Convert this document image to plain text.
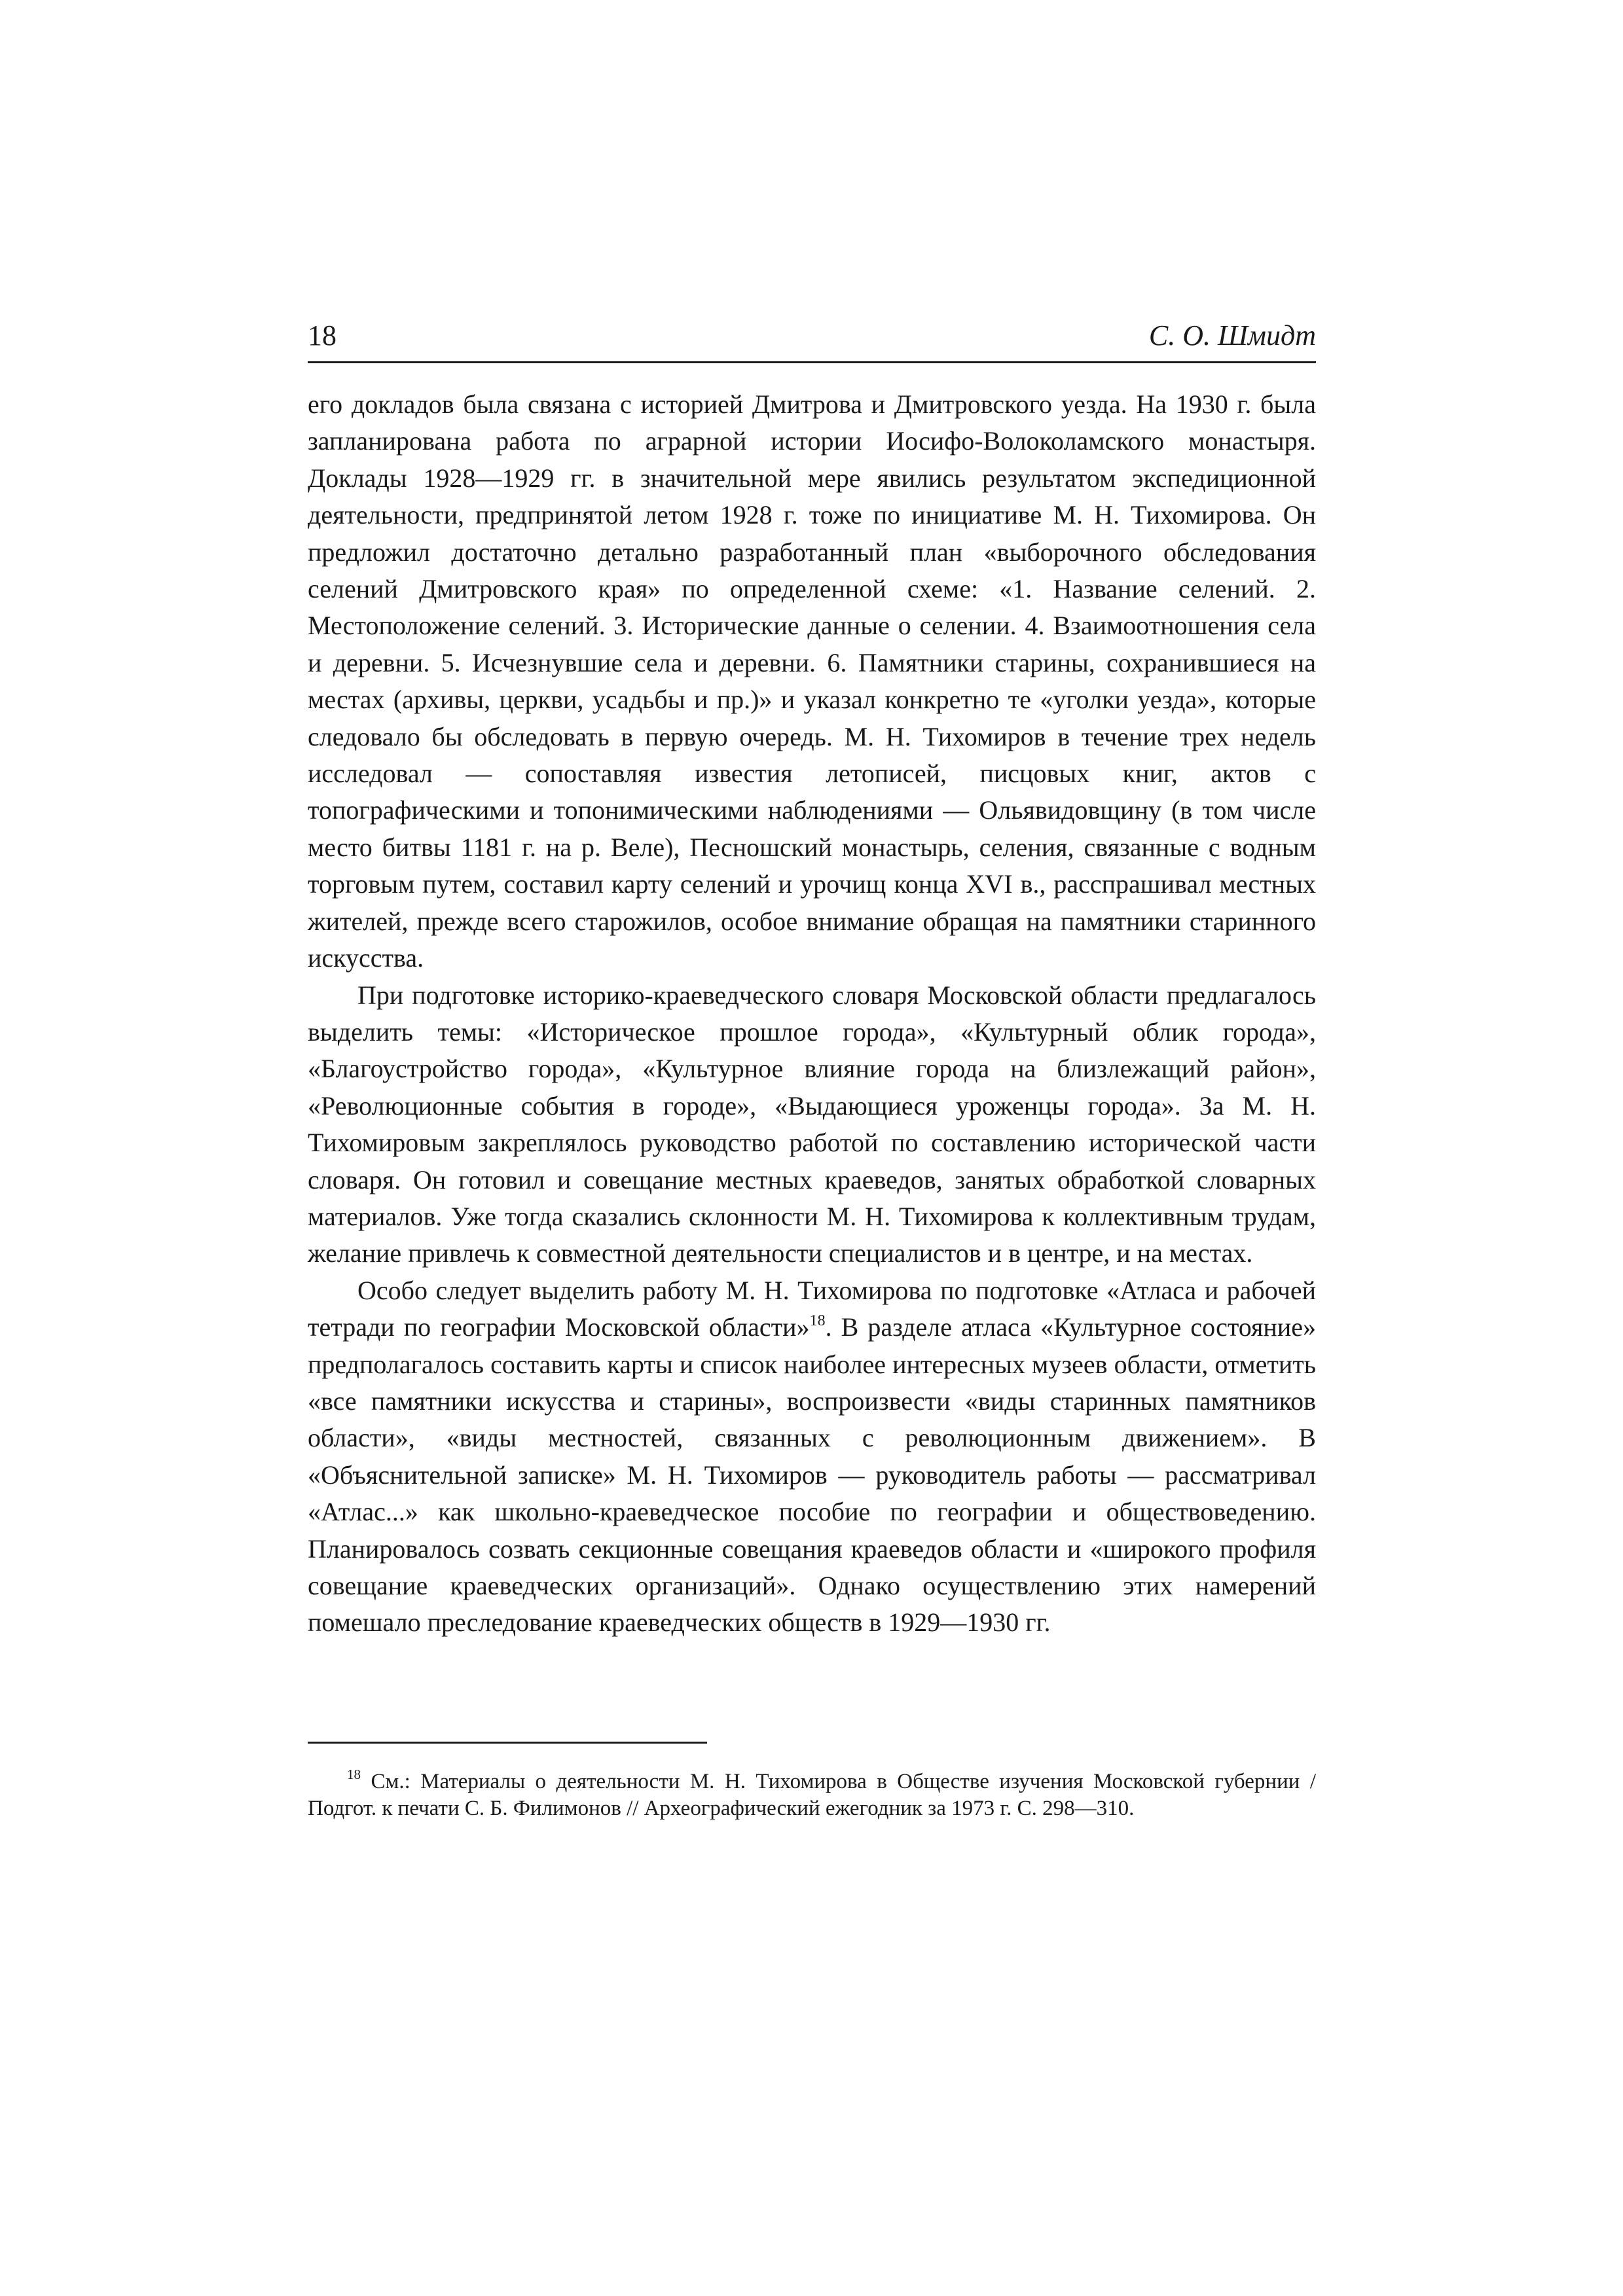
18	С. О. Шмидт

его докладов была связана с историей Дмитрова и Дмитровского уезда. На 1930 г. была запланирована работа по аграрной истории Иосифо-Волоколамского монастыря. Доклады 1928—1929 гг. в значительной мере явились результатом экспедиционной деятельности, предпринятой летом 1928 г. тоже по инициативе М. Н. Тихомирова. Он предложил достаточно детально разработанный план «выборочного обследования селений Дмитровского края» по определенной схеме: «1. Название селений. 2. Местоположение селений. 3. Исторические данные о селении. 4. Взаимоотношения села и деревни. 5. Исчезнувшие села и деревни. 6. Памятники старины, сохранившиеся на местах (архивы, церкви, усадьбы и пр.)» и указал конкретно те «уголки уезда», которые следовало бы обследовать в первую очередь. М. Н. Тихомиров в течение трех недель исследовал — сопоставляя известия летописей, писцовых книг, актов с топографическими и топонимическими наблюдениями — Ольявидовщину (в том числе место битвы 1181 г. на р. Веле), Песношский монастырь, селения, связанные с водным торговым путем, составил карту селений и урочищ конца XVI в., расспрашивал местных жителей, прежде всего старожилов, особое внимание обращая на памятники старинного искусства.

При подготовке историко-краеведческого словаря Московской области предлагалось выделить темы: «Историческое прошлое города», «Культурный облик города», «Благоустройство города», «Культурное влияние города на близлежащий район», «Революционные события в городе», «Выдающиеся уроженцы города». За М. Н. Тихомировым закреплялось руководство работой по составлению исторической части словаря. Он готовил и совещание местных краеведов, занятых обработкой словарных материалов. Уже тогда сказались склонности М. Н. Тихомирова к коллективным трудам, желание привлечь к совместной деятельности специалистов и в центре, и на местах.

Особо следует выделить работу М. Н. Тихомирова по подготовке «Атласа и рабочей тетради по географии Московской области»$^{18}$. В разделе атласа «Культурное состояние» предполагалось составить карты и список наиболее интересных музеев области, отметить «все памятники искусства и старины», воспроизвести «виды старинных памятников области», «виды местностей, связанных с революционным движением». В «Объяснительной записке» М. Н. Тихомиров — руководитель работы — рассматривал «Атлас...» как школьно-краеведческое пособие по географии и обществоведению. Планировалось созвать секционные совещания краеведов области и «широкого профиля совещание краеведческих организаций». Однако осуществлению этих намерений помешало преследование краеведческих обществ в 1929—1930 гг.

$^{18}$ См.: Материалы о деятельности М. Н. Тихомирова в Обществе изучения Московской губернии / Подгот. к печати С. Б. Филимонов // Археографический ежегодник за 1973 г. С. 298—310.
